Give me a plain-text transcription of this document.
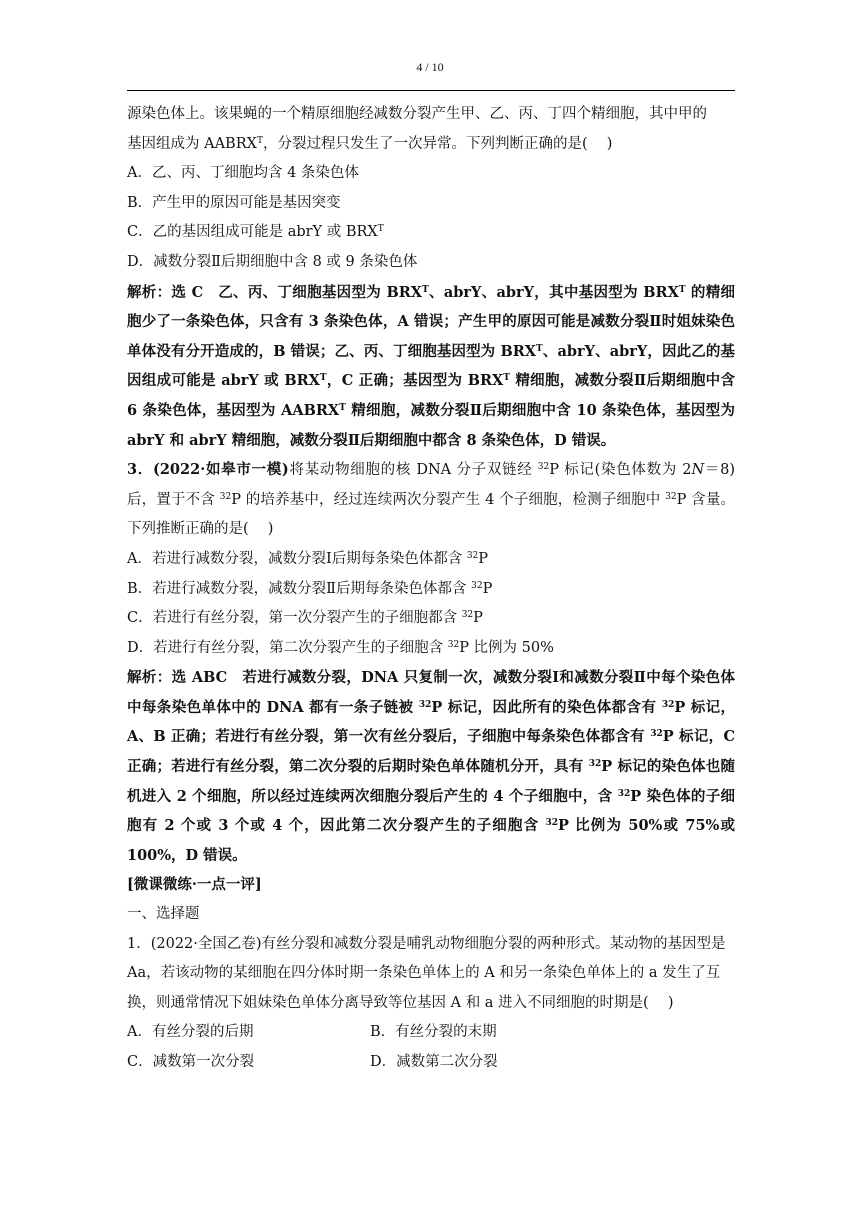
4 / 10

源染色体上。该果蝇的一个精原细胞经减数分裂产生甲、乙、丙、丁四个精细胞，其中甲的

基因组成为 $AABRX^T$，分裂过程只发生了一次异常。下列判断正确的是(　 )

A．乙、丙、丁细胞均含 4 条染色体

B．产生甲的原因可能是基因突变

C．乙的基因组成可能是 abrY 或 $BRX^T$

D．减数分裂Ⅱ后期细胞中含 8 或 9 条染色体

解析：选 C　乙、丙、丁细胞基因型为 $BRX^T$、abrY、abrY，其中基因型为 $BRX^T$ 的精细胞少了一条染色体，只含有 3 条染色体，A 错误；产生甲的原因可能是减数分裂Ⅱ时姐妹染色单体没有分开造成的，B 错误；乙、丙、丁细胞基因型为 $BRX^T$、abrY、abrY，因此乙的基因组成可能是 abrY 或 $BRX^T$，C 正确；基因型为 $BRX^T$ 精细胞，减数分裂Ⅱ后期细胞中含 6 条染色体，基因型为 $AABRX^T$ 精细胞，减数分裂Ⅱ后期细胞中含 10 条染色体，基因型为 abrY 和 abrY 精细胞，减数分裂Ⅱ后期细胞中都含 8 条染色体，D 错误。

3．(2022·如皋市一模)将某动物细胞的核 DNA 分子双链经 $^{32}$P 标记(染色体数为 2N＝8)后，置于不含 $^{32}$P 的培养基中，经过连续两次分裂产生 4 个子细胞，检测子细胞中 $^{32}$P 含量。下列推断正确的是(　 )

A．若进行减数分裂，减数分裂Ⅰ后期每条染色体都含 $^{32}$P

B．若进行减数分裂，减数分裂Ⅱ后期每条染色体都含 $^{32}$P

C．若进行有丝分裂，第一次分裂产生的子细胞都含 $^{32}$P

D．若进行有丝分裂，第二次分裂产生的子细胞含 $^{32}$P 比例为 50%

解析：选 ABC　若进行减数分裂，DNA 只复制一次，减数分裂Ⅰ和减数分裂Ⅱ中每个染色体中每条染色单体中的 DNA 都有一条子链被 $^{32}$P 标记，因此所有的染色体都含有 $^{32}$P 标记，A、B 正确；若进行有丝分裂，第一次有丝分裂后，子细胞中每条染色体都含有 $^{32}$P 标记，C 正确；若进行有丝分裂，第二次分裂的后期时染色单体随机分开，具有 $^{32}$P 标记的染色体也随机进入 2 个细胞，所以经过连续两次细胞分裂后产生的 4 个子细胞中，含 $^{32}$P 染色体的子细胞有 2 个或 3 个或 4 个，因此第二次分裂产生的子细胞含 $^{32}$P 比例为 50%或 75%或 100%，D 错误。

[微课微练·一点一评]

一、选择题

1．(2022·全国乙卷)有丝分裂和减数分裂是哺乳动物细胞分裂的两种形式。某动物的基因型是

Aa，若该动物的某细胞在四分体时期一条染色单体上的 A 和另一条染色单体上的 a 发生了互

换，则通常情况下姐妹染色单体分离导致等位基因 A 和 a 进入不同细胞的时期是(　 )

A．有丝分裂的后期	B．有丝分裂的末期

C．减数第一次分裂	D．减数第二次分裂
